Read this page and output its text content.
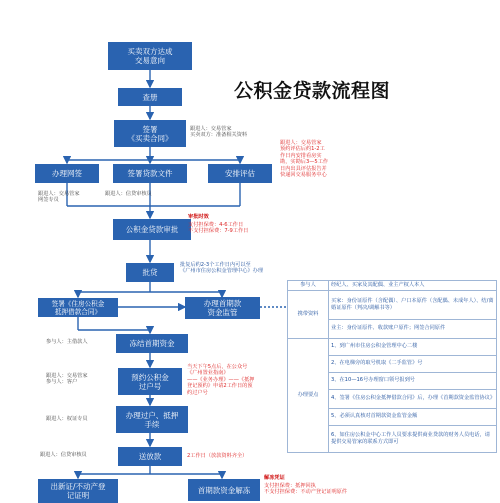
公积金贷款流程图
买卖双方达成
交易意向
查册
签署
《买卖合同》
跟进人：交易管家
买卖双方：准备相关资料
办理网签	签署贷款文件	安排评估
跟进人：交易管家
预约评估后约1-2工
作日内安排看房实
勘，实勘后3—5工作
日内出具评估报告并
快递回交易服务中心
跟进人：交易管家
网签专员
跟进人：信贷审核员
公积金贷款审批
审批时效
支付担保费：4-6工作日
不支付担保费：7-9工作日
批贷
批复后约2-3个工作日内可以至
《广州市住房公积金管理中心》办理
签署《住房公积金
抵押借款合同》
办理首期款
资金监管
冻结首期资金
参与人：主借款人
预约公积金
过户号
跟进人：交易管家
参与人：客户
当天下午5点后，在公众号
《广州置业指南》
——《业务办理》——《抵押
登记预约》申请2工作日的预
约过户号
办理过户、抵押
手续
跟进人：权证专员
送放款
跟进人：信贷审核员	2工作日（放款资料齐全）
出新证/不动产登
记证明
首期款资金解冻
解冻凭证
支付担保费：抵押回执
不支付担保费：不动产登记证明原件
参与人	经纪人、买家及其配偶、业主产权人本人
携带资料	买家：身份证原件（含配偶）、户口本原件（含配偶、未成年人）、结/离婚证原件（判决/调解书等）
	业主：身份证原件、收款账户原件；网签合同原件
办理要点	1、到广州市住房公积金管理中心二楼
	2、在电梯旁的取号机取《二手监管》号
	3、在10—16号办理窗口领号报到号
	4、签署《住房公积金抵押借款合同》后，办理《首期款资金监管协议》
	5、必须认真核对首期款资金监管金额
	6、如住房公积金中心工作人员要求提供商业贷款的财务人员电话，请提供交易管家的联系方式即可
